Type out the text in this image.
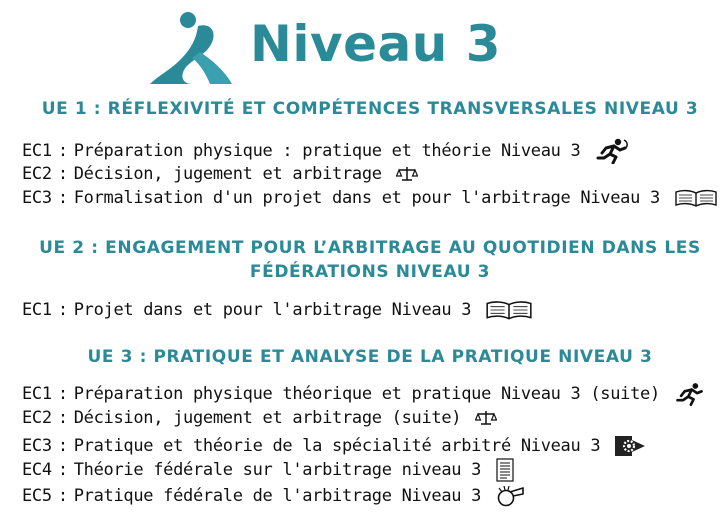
Niveau 3
UE 1 : RÉFLEXIVITÉ ET COMPÉTENCES TRANSVERSALES NIVEAU 3
EC1 : Préparation physique : pratique et théorie Niveau 3
EC2 : Décision, jugement et arbitrage
EC3 : Formalisation d'un projet dans et pour l'arbitrage Niveau 3
UE 2 : ENGAGEMENT POUR L’ARBITRAGE AU QUOTIDIEN DANS LES
FÉDÉRATIONS NIVEAU 3
EC1 : Projet dans et pour l'arbitrage Niveau 3
UE 3 : PRATIQUE ET ANALYSE DE LA PRATIQUE NIVEAU 3
EC1 : Préparation physique théorique et pratique Niveau 3 (suite)
EC2 : Décision, jugement et arbitrage (suite)
EC3 : Pratique et théorie de la spécialité arbitré Niveau 3
EC4 : Théorie fédérale sur l'arbitrage niveau 3
EC5 : Pratique fédérale de l'arbitrage Niveau 3
